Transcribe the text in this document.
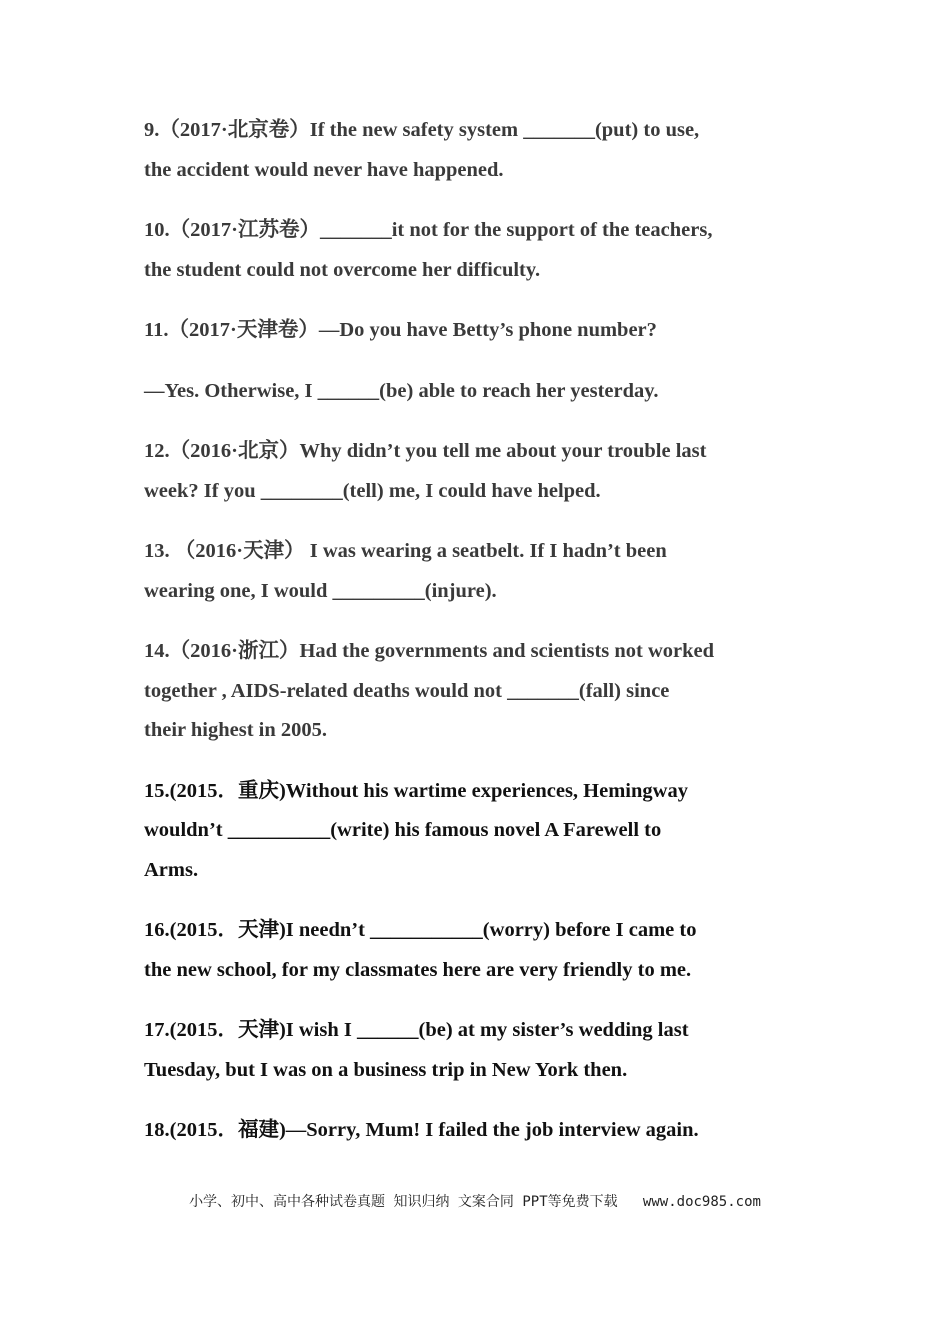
9.（2017·北京卷）If the new safety system _______(put) to use,
the accident would never have happened.

10.（2017·江苏卷）_______it not for the support of the teachers,
the student could not overcome her difficulty.

11.（2017·天津卷）—Do you have Betty’s phone number?

—Yes. Otherwise, I ______(be) able to reach her yesterday.

12.（2016·北京）Why didn’t you tell me about your trouble last
week? If you ________(tell) me, I could have helped.

13. （2016·天津） I was wearing a seatbelt. If I hadn’t been
wearing one, I would _________(injure).

14.（2016·浙江）Had the governments and scientists not worked
together , AIDS-related deaths would not _______(fall) since
their highest in 2005.

15.(2015．重庆)Without his wartime experiences, Hemingway
wouldn’t __________(write) his famous novel A Farewell to
Arms.

16.(2015．天津)I needn’t ___________(worry) before I came to
the new school, for my classmates here are very friendly to me.

17.(2015．天津)I wish I ______(be) at my sister’s wedding last
Tuesday, but I was on a business trip in New York then.

18.(2015．福建)—Sorry, Mum! I failed the job interview again.

小学、初中、高中各种试卷真题 知识归纳 文案合同 PPT等免费下载   www.doc985.com
